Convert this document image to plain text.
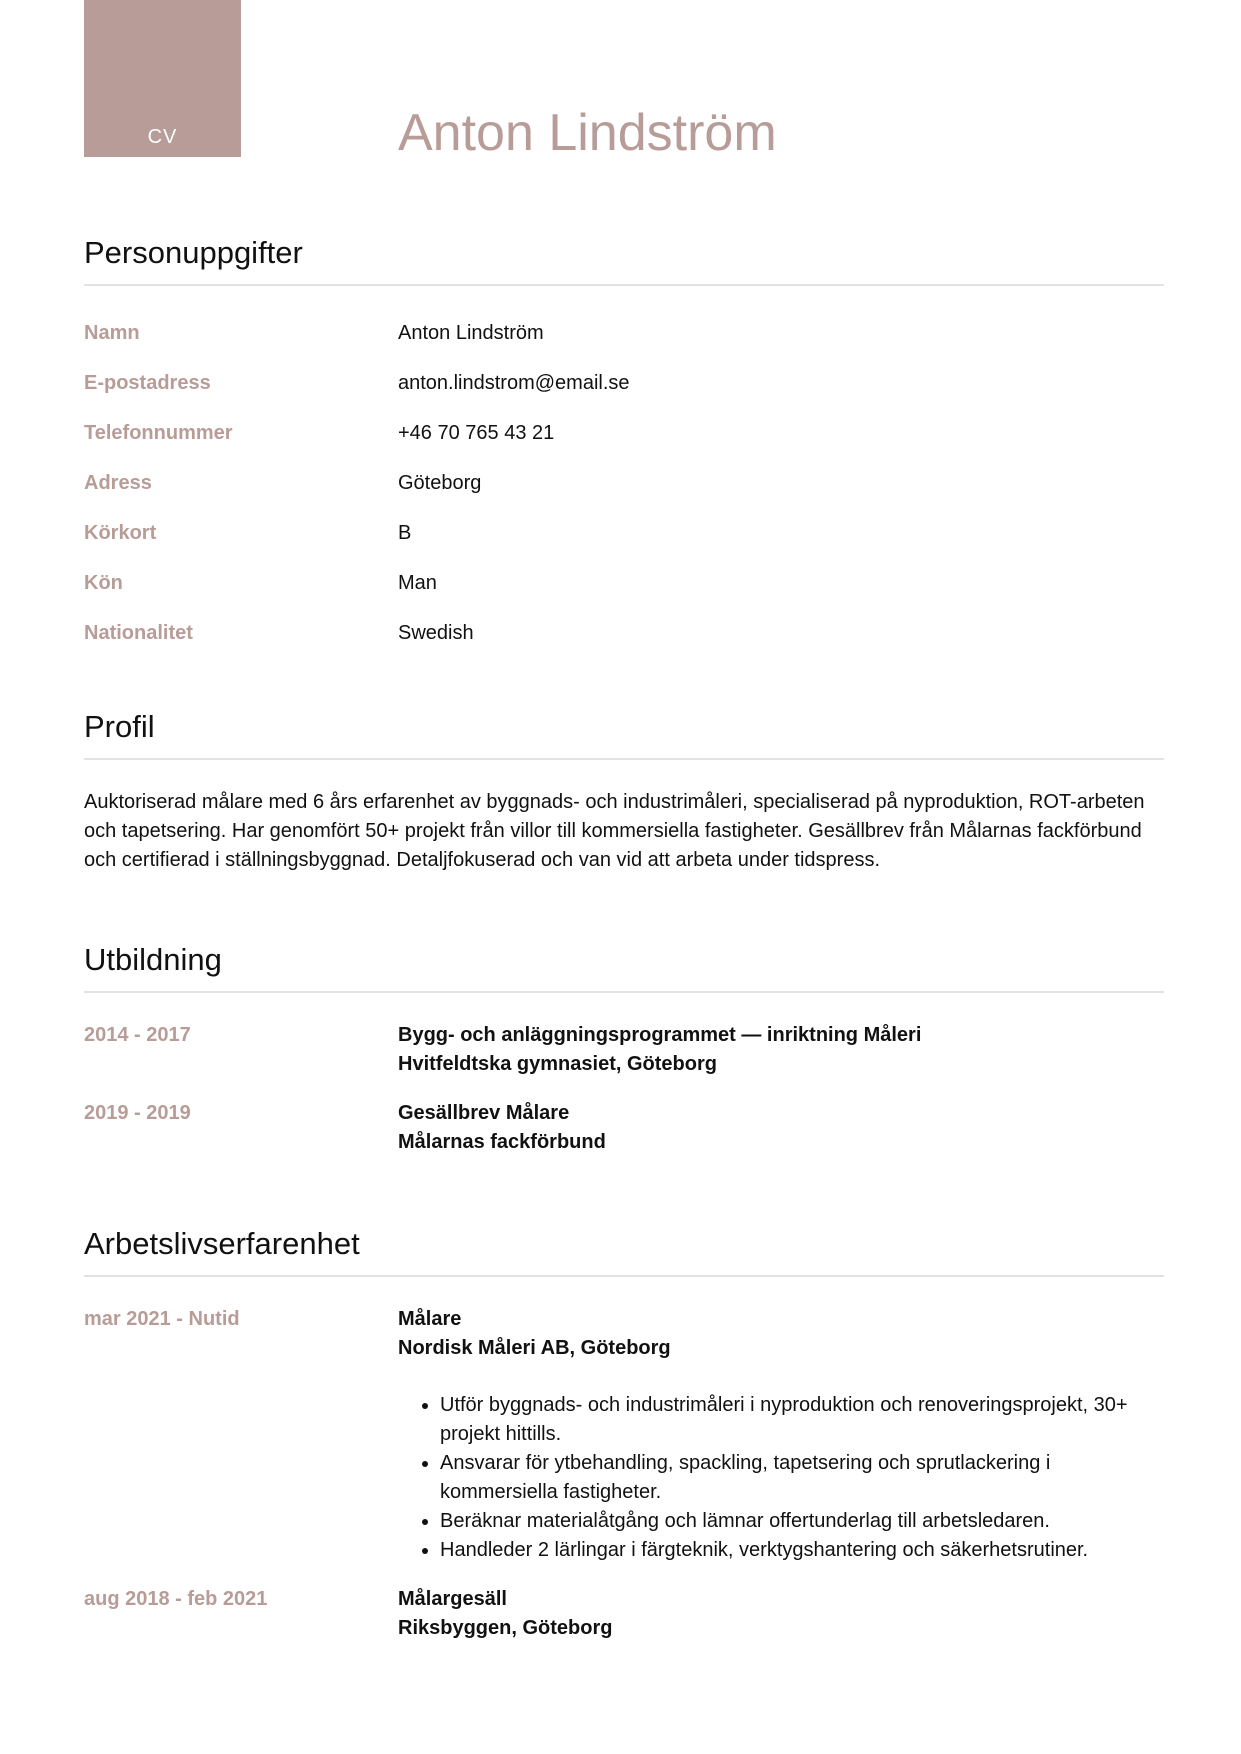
CV	Anton Lindström
Personuppgifter
Namn	Anton Lindström
E-postadress	anton.lindstrom@email.se
Telefonnummer	+46 70 765 43 21
Adress	Göteborg
Körkort	B
Kön	Man
Nationalitet	Swedish
Profil
Auktoriserad målare med 6 års erfarenhet av byggnads- och industrimåleri, specialiserad på nyproduktion, ROT-arbeten och tapetsering. Har genomfört 50+ projekt från villor till kommersiella fastigheter. Gesällbrev från Målarnas fackförbund och certifierad i ställningsbyggnad. Detaljfokuserad och van vid att arbeta under tidspress.
Utbildning
2014 - 2017	Bygg- och anläggningsprogrammet — inriktning Måleri
Hvitfeldtska gymnasiet, Göteborg
2019 - 2019	Gesällbrev Målare
Målarnas fackförbund
Arbetslivserfarenhet
mar 2021 - Nutid	Målare
Nordisk Måleri AB, Göteborg
• Utför byggnads- och industrimåleri i nyproduktion och renoveringsprojekt, 30+ projekt hittills.
• Ansvarar för ytbehandling, spackling, tapetsering och sprutlackering i kommersiella fastigheter.
• Beräknar materialåtgång och lämnar offertunderlag till arbetsledaren.
• Handleder 2 lärlingar i färgteknik, verktygshantering och säkerhetsrutiner.
aug 2018 - feb 2021	Målargesäll
Riksbyggen, Göteborg
